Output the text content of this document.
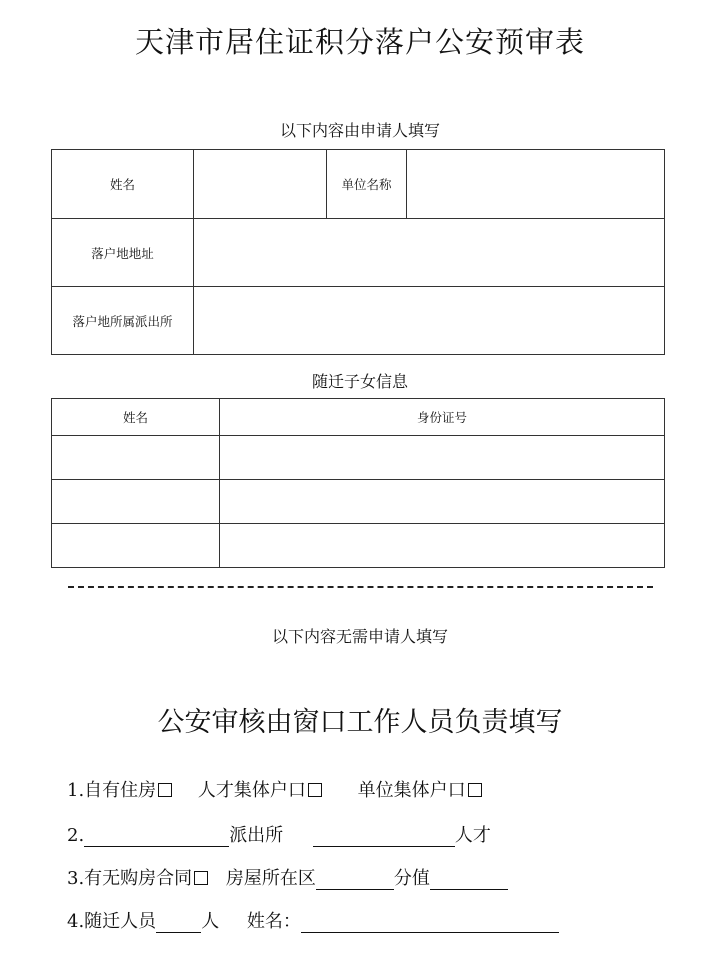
天津市居住证积分落户公安预审表
以下内容由申请人填写
姓名		单位名称	
落户地地址			
落户地所属派出所			
随迁子女信息
姓名	身份证号

以下内容无需申请人填写
公安审核由窗口工作人员负责填写
1.自有住房 人才集体户口	单位集体户口
2.	派出所	人才
3.有无购房合同 房屋所在区	分值
4.随迁人员	人 姓名：
